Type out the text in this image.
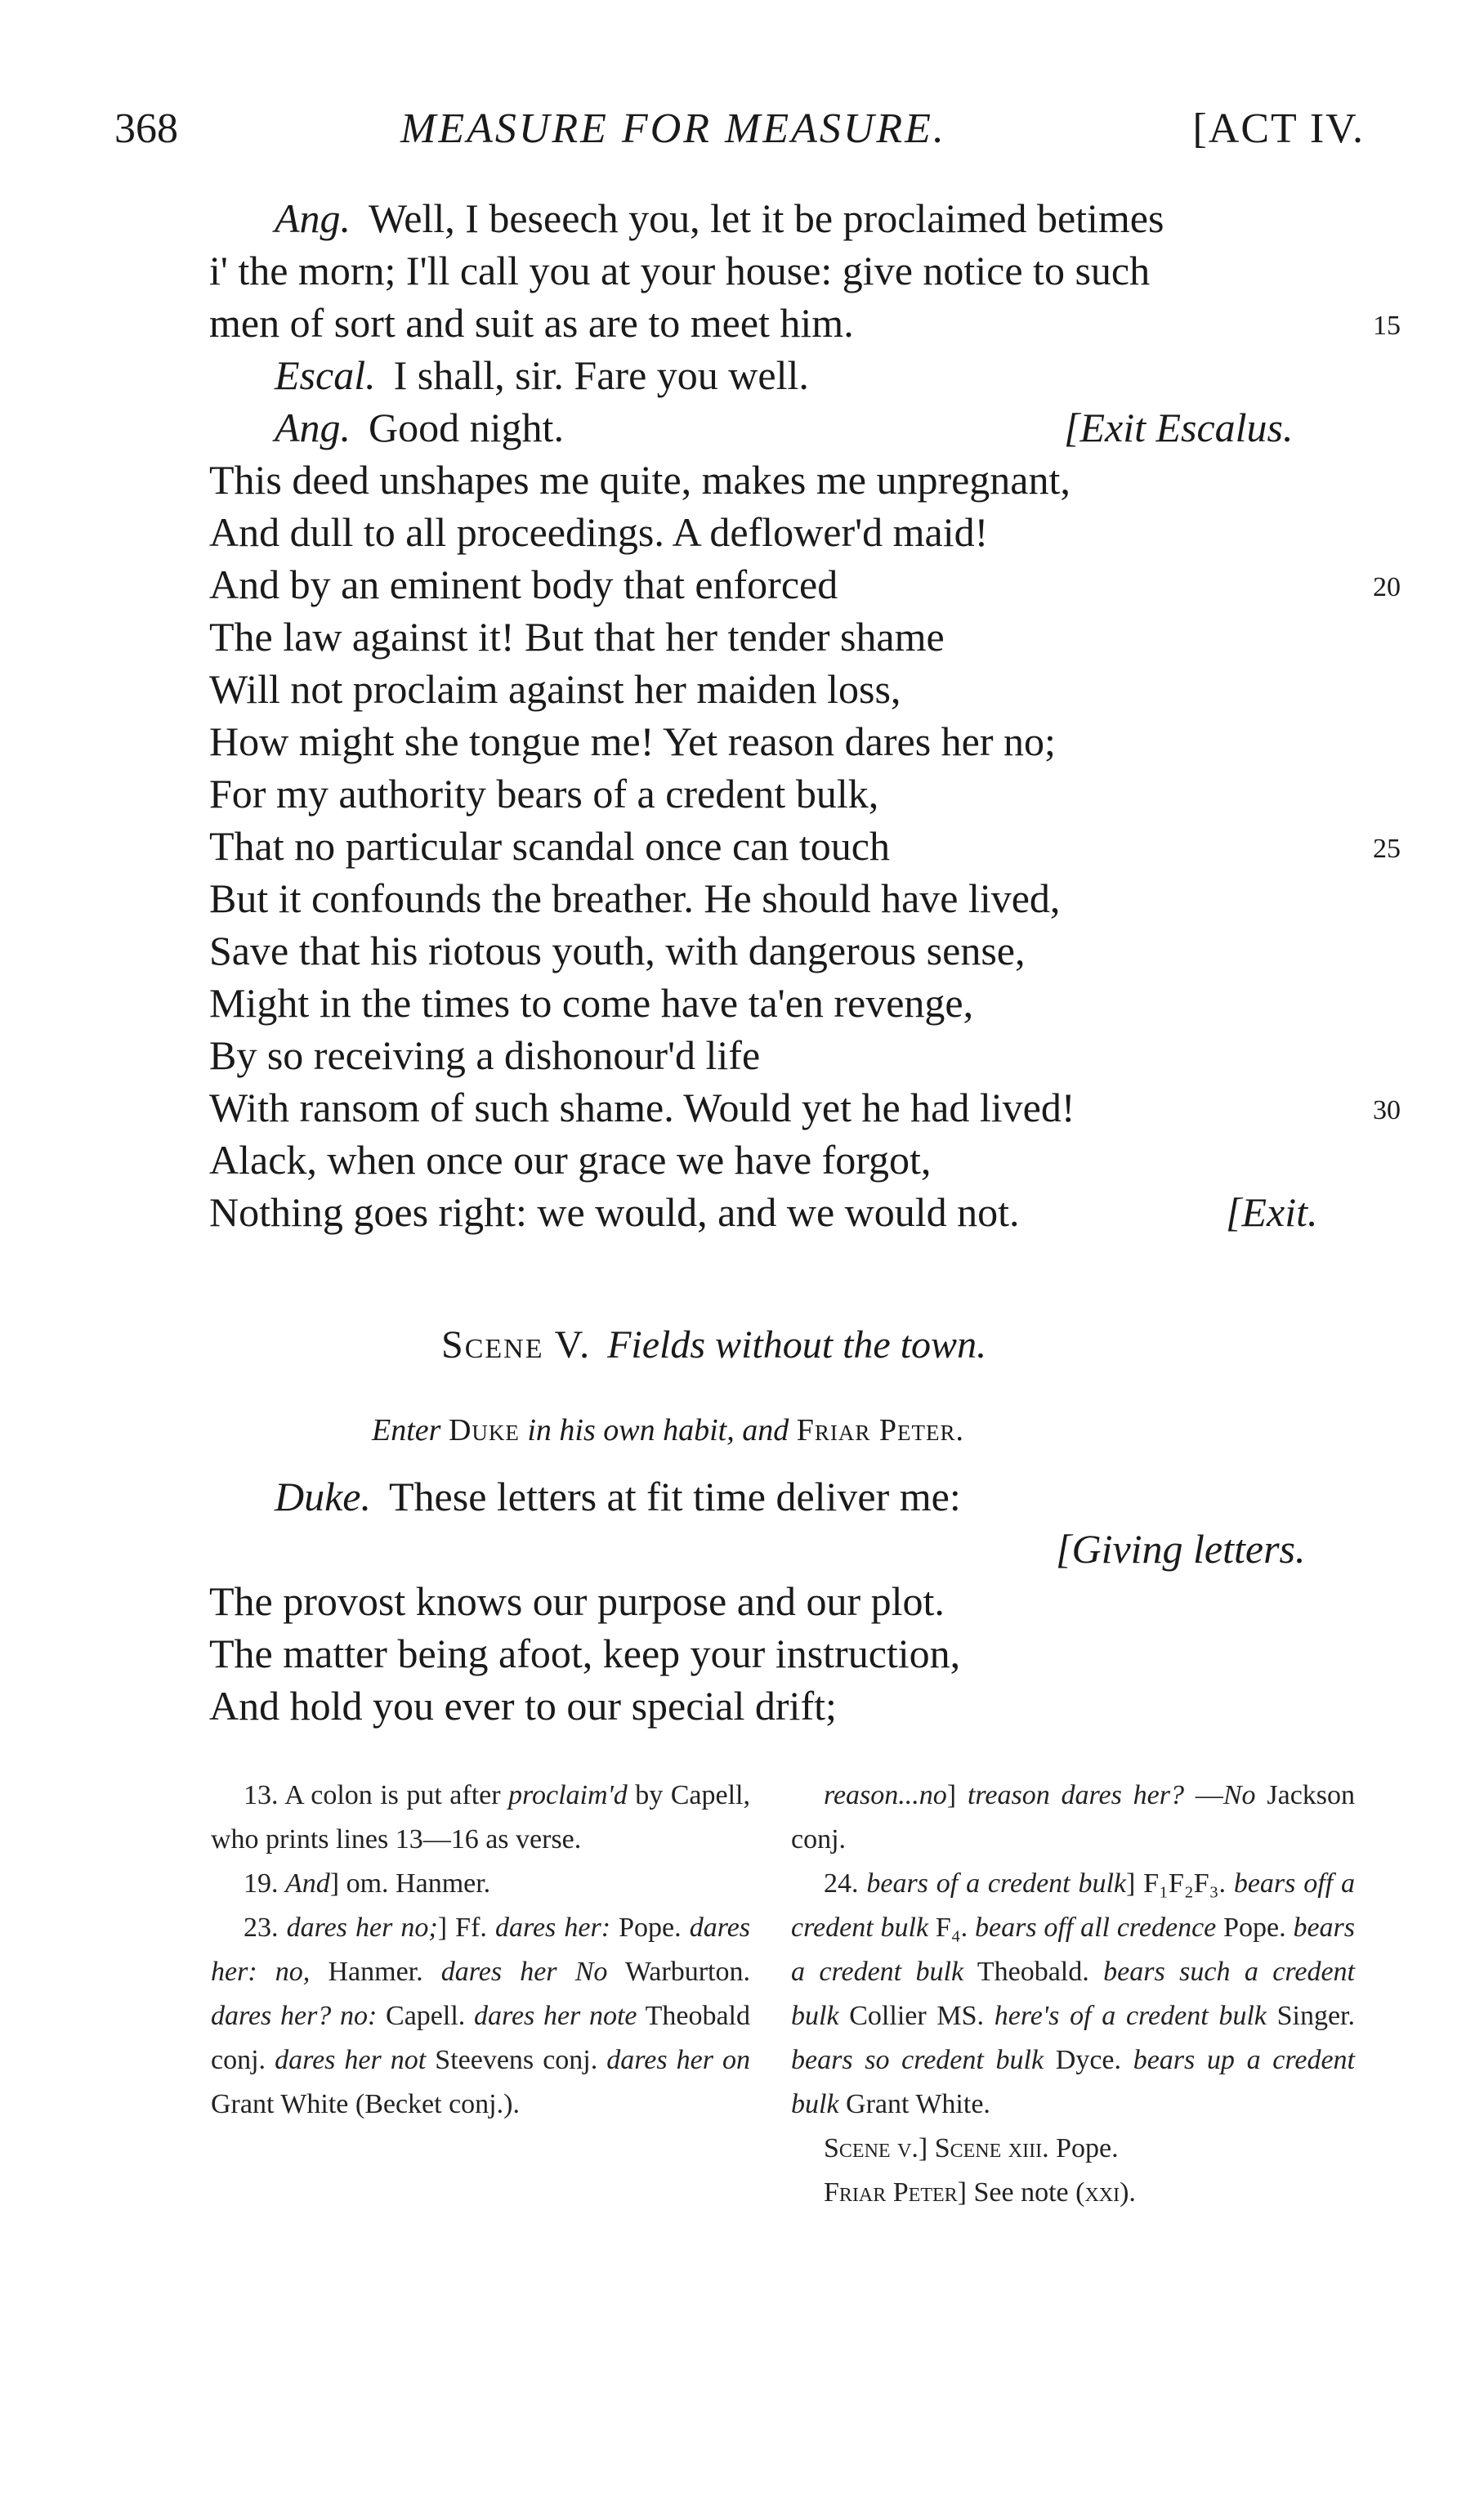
368	MEASURE FOR MEASURE.	[ACT IV.
Ang. Well, I beseech you, let it be proclaimed betimes
i' the morn; I'll call you at your house: give notice to such
men of sort and suit as are to meet him.	15
Escal. I shall, sir. Fare you well.
Ang. Good night.	[Exit Escalus.
This deed unshapes me quite, makes me unpregnant,
And dull to all proceedings. A deflower'd maid!
And by an eminent body that enforced	20
The law against it! But that her tender shame
Will not proclaim against her maiden loss,
How might she tongue me! Yet reason dares her no;
For my authority bears of a credent bulk,
That no particular scandal once can touch	25
But it confounds the breather. He should have lived,
Save that his riotous youth, with dangerous sense,
Might in the times to come have ta'en revenge,
By so receiving a dishonour'd life
With ransom of such shame. Would yet he had lived!	30
Alack, when once our grace we have forgot,
Nothing goes right: we would, and we would not.	[Exit.
Scene V. Fields without the town.
Enter Duke in his own habit, and Friar Peter.
Duke. These letters at fit time deliver me:
[Giving letters.
The provost knows our purpose and our plot.
The matter being afoot, keep your instruction,
And hold you ever to our special drift;
13. A colon is put after proclaim'd by Capell, who prints lines 13—16 as verse.
19. And] om. Hanmer.
23. dares her no;] Ff. dares her: Pope. dares her: no, Hanmer. dares her No Warburton. dares her? no: Capell. dares her note Theobald conj. dares her not Steevens conj. dares her on Grant White (Becket conj.).
reason...no] treason dares her? —No Jackson conj.
24. bears of a credent bulk] F₁F₂F₃. bears off a credent bulk F₄. bears off all credence Pope. bears a credent bulk Theobald. bears such a credent bulk Collier MS. here's of a credent bulk Singer. bears so credent bulk Dyce. bears up a credent bulk Grant White.
Scene v.] Scene xiii. Pope.
Friar Peter] See note (xxi).
